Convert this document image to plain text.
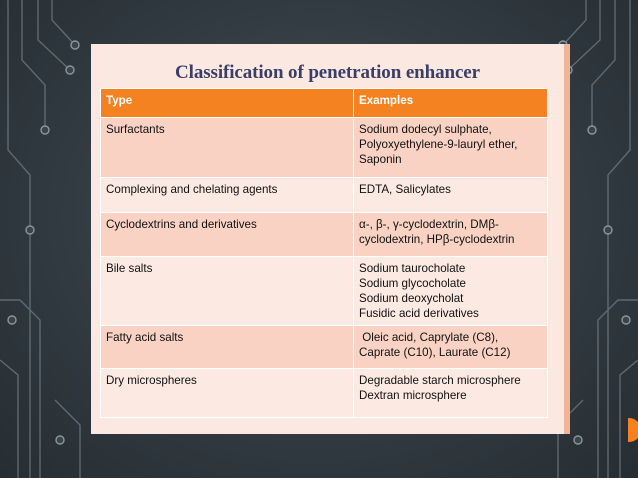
Classification of penetration enhancer
Type	Examples
Surfactants	Sodium dodecyl sulphate,
Polyoxyethylene-9-lauryl ether,
Saponin

Complexing and chelating agents	EDTA, Salicylates

Cyclodextrins and derivatives	α-, β-, γ-cyclodextrin, DMβ-
cyclodextrin, HPβ-cyclodextrin

Bile salts	Sodium taurocholate
Sodium glycocholate
Sodium deoxycholat
Fusidic acid derivatives

Fatty acid salts	Oleic acid, Caprylate (C8),
Caprate (C10), Laurate (C12)

Dry microspheres	Degradable starch microsphere
Dextran microsphere
